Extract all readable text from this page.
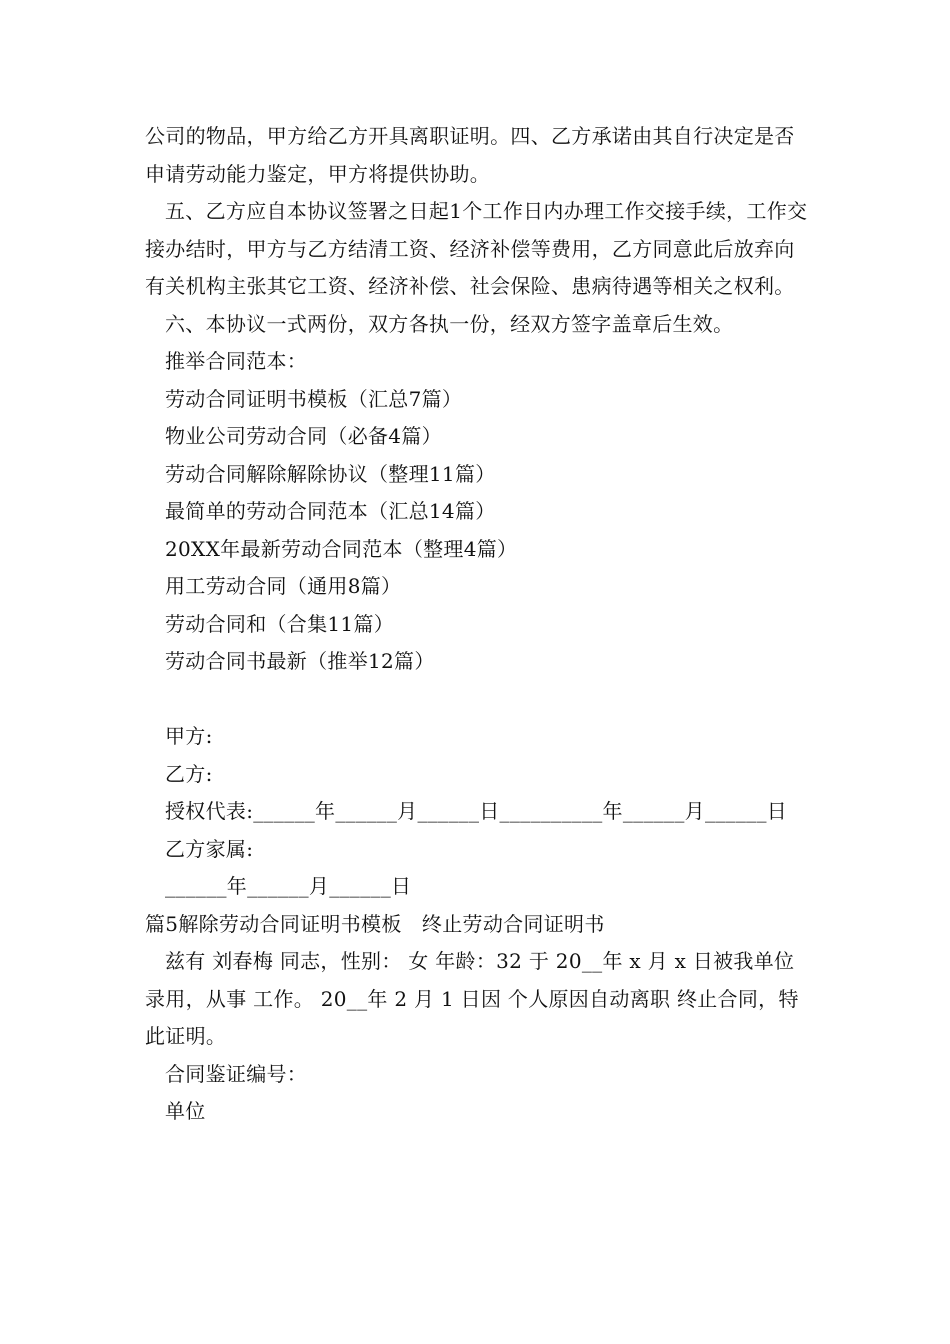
公司的物品，甲方给乙方开具离职证明。四、乙方承诺由其自行决定是否申请劳动能力鉴定，甲方将提供协助。

五、乙方应自本协议签署之日起1个工作日内办理工作交接手续，工作交接办结时，甲方与乙方结清工资、经济补偿等费用，乙方同意此后放弃向有关机构主张其它工资、经济补偿、社会保险、患病待遇等相关之权利。

六、本协议一式两份，双方各执一份，经双方签字盖章后生效。

推举合同范本：

劳动合同证明书模板（汇总7篇）

物业公司劳动合同（必备4篇）

劳动合同解除解除协议（整理11篇）

最简单的劳动合同范本（汇总14篇）

20XX年最新劳动合同范本（整理4篇）

用工劳动合同（通用8篇）

劳动合同和（合集11篇）

劳动合同书最新（推举12篇）

甲方:

乙方:

授权代表:______年______月______日__________年______月______日

乙方家属:

______年______月______日

篇5解除劳动合同证明书模板　终止劳动合同证明书

兹有 刘春梅 同志，性别： 女 年龄：32 于 20__年 x 月 x 日被我单位录用，从事 工作。 20__年 2 月 1 日因 个人原因自动离职 终止合同，特此证明。

合同鉴证编号：

单位
